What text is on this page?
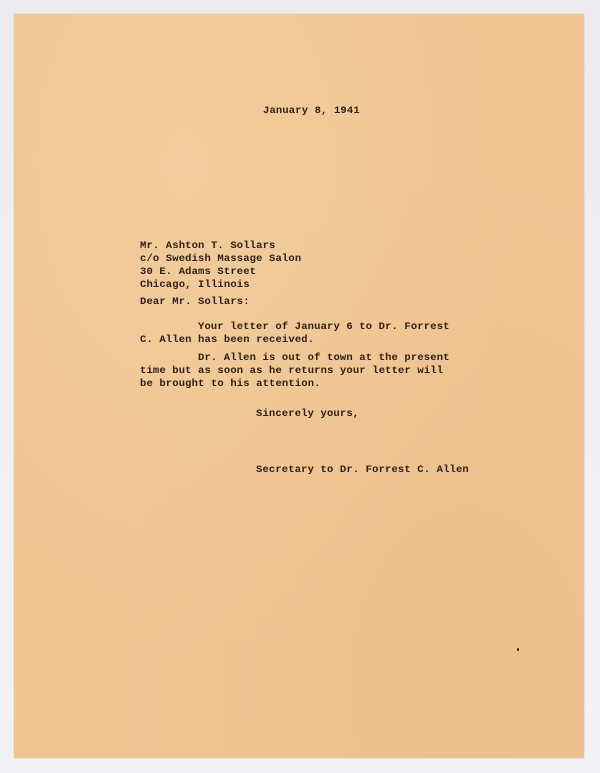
January 8, 1941
Mr. Ashton T. Sollars
c/o Swedish Massage Salon
30 E. Adams Street
Chicago, Illinois
Dear Mr. Sollars:
Your letter of January 6 to Dr. Forrest
C. Allen has been received.
Dr. Allen is out of town at the present
time but as soon as he returns your letter will
be brought to his attention.
Sincerely yours,
Secretary to Dr. Forrest C. Allen
